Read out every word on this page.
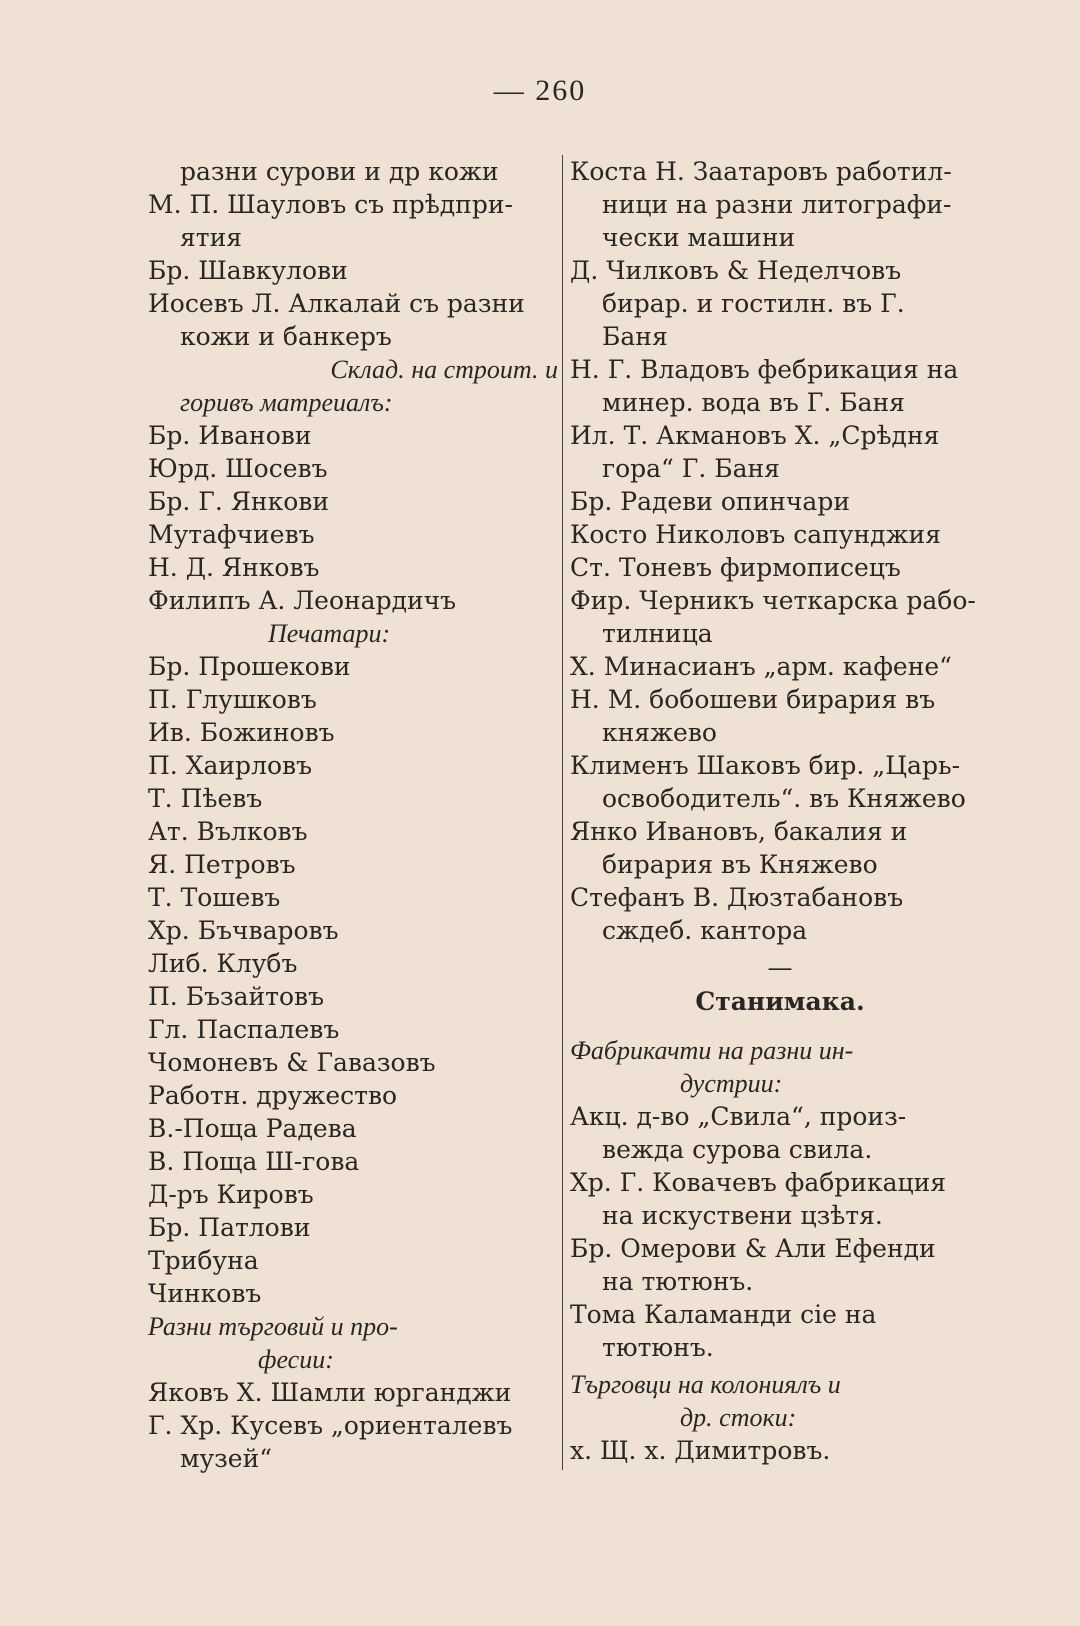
— 260
разни сурови и др кожи
М. П. Шауловъ съ прѣдпри-
ятия
Бр. Шавкулови
Иосевъ Л. Алкалай съ разни
кожи и банкеръ
Склад. на строит. и
горивъ матреиалъ:
Бр. Иванови
Юрд. Шосевъ
Бр. Г. Янкови
Мутафчиевъ
Н. Д. Янковъ
Филипъ А. Леонардичъ
Печатари:
Бр. Прошекови
П. Глушковъ
Ив. Божиновъ
П. Хаирловъ
Т. Пѣевъ
Ат. Вълковъ
Я. Петровъ
Т. Тошевъ
Хр. Бъчваровъ
Либ. Клубъ
П. Бъзайтовъ
Гл. Паспалевъ
Чомоневъ & Гавазовъ
Работн. дружество
В.-Поща Радева
В. Поща Ш-гова
Д-ръ Кировъ
Бр. Патлови
Трибуна
Чинковъ
Разни търговий и про-
фесии:
Яковъ Х. Шамли юрганджи
Г. Хр. Кусевъ „ориенталевъ
музей“
Коста Н. Заатаровъ работил-
ници на разни литографи-
чески машини
Д. Чилковъ & Неделчовъ
бирар. и гостилн. въ Г.
Баня
Н. Г. Владовъ фебрикация на
минер. вода въ Г. Баня
Ил. Т. Акмановъ Х. „Срѣдня
гора“ Г. Баня
Бр. Радеви опинчари
Косто Николовъ сапунджия
Ст. Тоневъ фирмописецъ
Фир. Черникъ четкарска рабо-
тилница
Х. Минасианъ „арм. кафене“
Н. М. бобошеви бирария въ
княжево
Клименъ Шаковъ бир. „Царь-
освободитель“. въ Княжево
Янко Ивановъ, бакалия и
бирария въ Княжево
Стефанъ В. Дюзтабановъ
сждеб. кантора
—
Станимака.
Фабрикачти на разни ин-
дустрии:
Акц. д-во „Свила“, произ-
вежда сурова свила.
Хр. Г. Ковачевъ фабрикация
на искуствени цзѣтя.
Бр. Омерови & Али Ефенди
на тютюнъ.
Тома Каламанди сie на
тютюнъ.
Търговци на колониялъ и
др. стоки:
х. Щ. х. Димитровъ.
